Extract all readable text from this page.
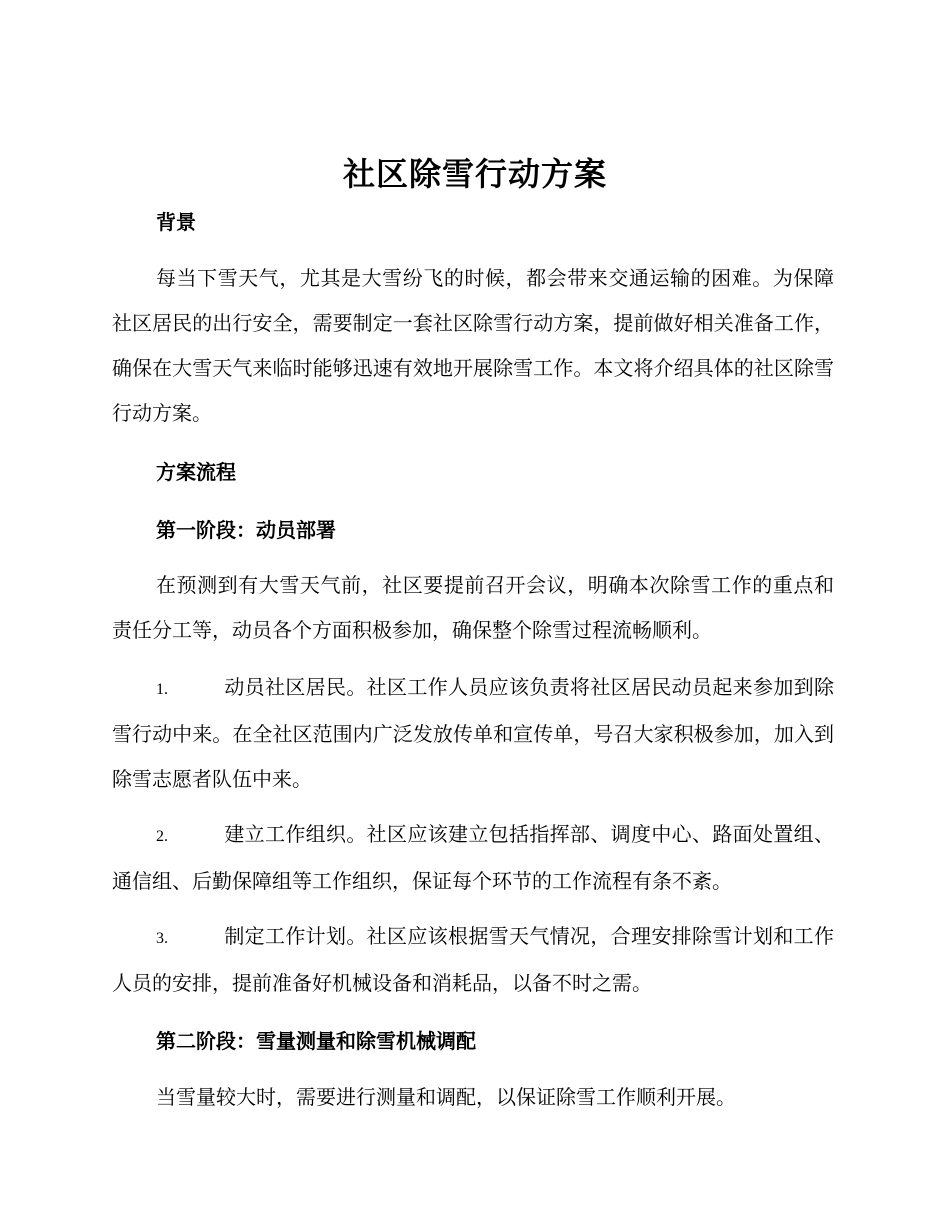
社区除雪行动方案
背景

每当下雪天气，尤其是大雪纷飞的时候，都会带来交通运输的困难。为保障社区居民的出行安全，需要制定一套社区除雪行动方案，提前做好相关准备工作，确保在大雪天气来临时能够迅速有效地开展除雪工作。本文将介绍具体的社区除雪行动方案。

方案流程
第一阶段：动员部署

在预测到有大雪天气前，社区要提前召开会议，明确本次除雪工作的重点和责任分工等，动员各个方面积极参加，确保整个除雪过程流畅顺利。

1.	动员社区居民。社区工作人员应该负责将社区居民动员起来参加到除雪行动中来。在全社区范围内广泛发放传单和宣传单，号召大家积极参加，加入到除雪志愿者队伍中来。

2.	建立工作组织。社区应该建立包括指挥部、调度中心、路面处置组、通信组、后勤保障组等工作组织，保证每个环节的工作流程有条不紊。

3.	制定工作计划。社区应该根据雪天气情况，合理安排除雪计划和工作人员的安排，提前准备好机械设备和消耗品，以备不时之需。

第二阶段：雪量测量和除雪机械调配

当雪量较大时，需要进行测量和调配，以保证除雪工作顺利开展。
